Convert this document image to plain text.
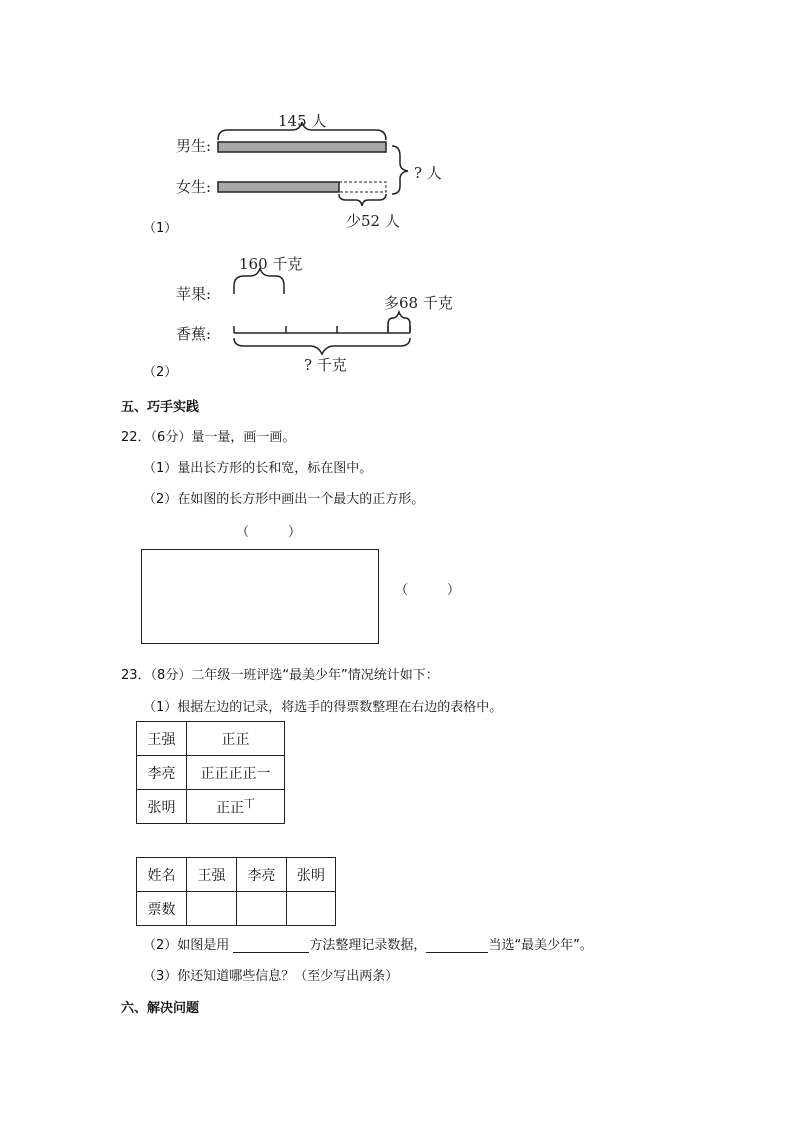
145 人
男生:
女生:
? 人
少52 人
（1）
160 千克
苹果:	多68 千克
香蕉:
? 千克
（2）
五、巧手实践
22．（6分）量一量，画一画。
（1）量出长方形的长和宽，标在图中。
（2）在如图的长方形中画出一个最大的正方形。
（　　　）
（　　　）
23．（8分）二年级一班评选“最美少年”情况统计如下：
（1）根据左边的记录，将选手的得票数整理在右边的表格中。
王强	正正
李亮	正正正正一
张明	正正$^丅$
姓名	王强	李亮	张明
票数			
（2）如图是用	方法整理记录数据，	当选“最美少年”。
（3）你还知道哪些信息？（至少写出两条）
六、解决问题
